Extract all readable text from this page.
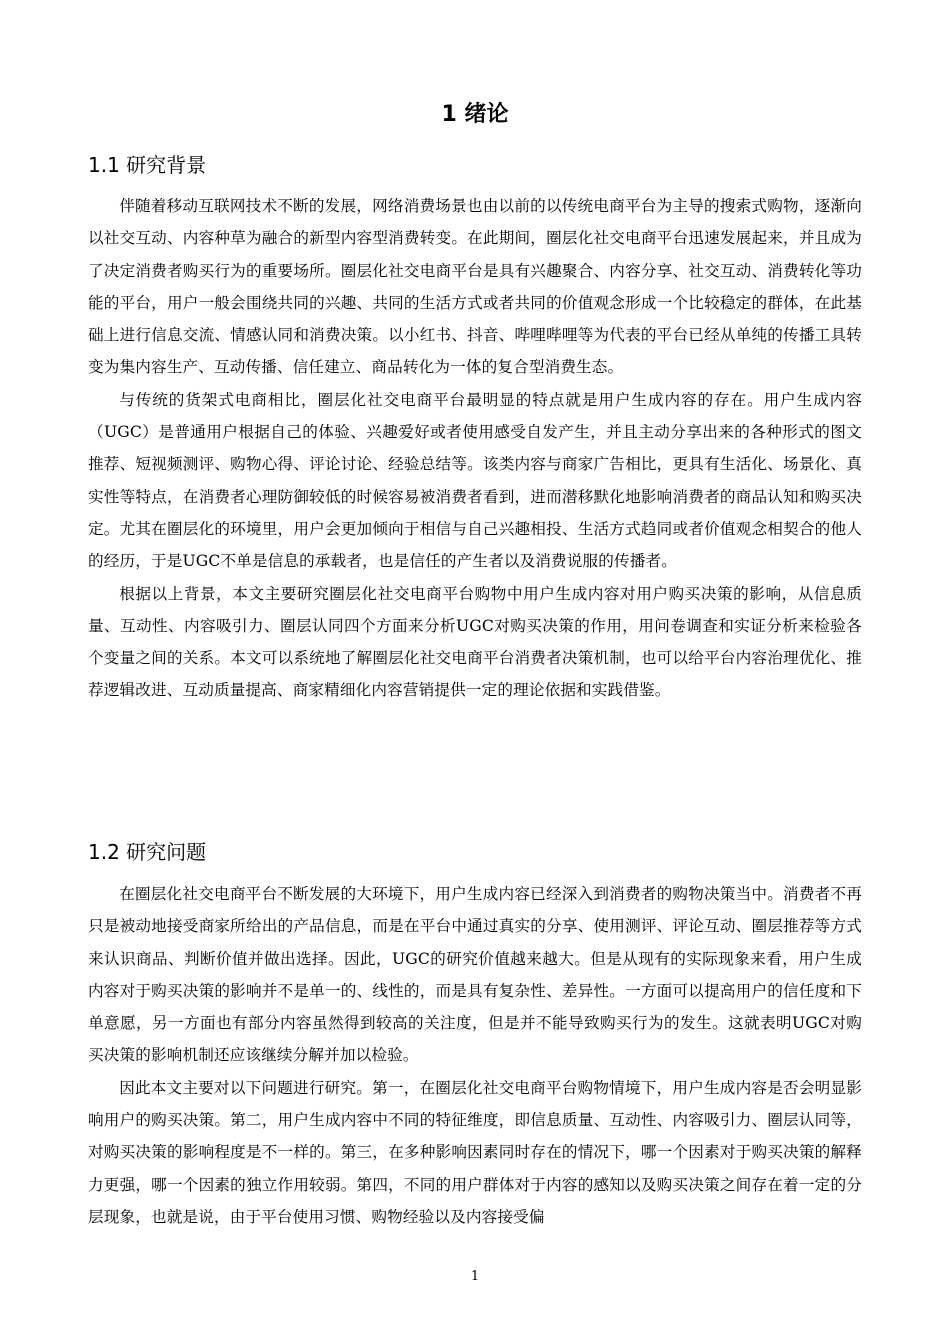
1 绪论
1.1 研究背景

伴随着移动互联网技术不断的发展，网络消费场景也由以前的以传统电商平台为主导的搜索式购物，逐渐向以社交互动、内容种草为融合的新型内容型消费转变。在此期间，圈层化社交电商平台迅速发展起来，并且成为了决定消费者购买行为的重要场所。圈层化社交电商平台是具有兴趣聚合、内容分享、社交互动、消费转化等功能的平台，用户一般会围绕共同的兴趣、共同的生活方式或者共同的价值观念形成一个比较稳定的群体，在此基础上进行信息交流、情感认同和消费决策。以小红书、抖音、哔哩哔哩等为代表的平台已经从单纯的传播工具转变为集内容生产、互动传播、信任建立、商品转化为一体的复合型消费生态。

与传统的货架式电商相比，圈层化社交电商平台最明显的特点就是用户生成内容的存在。用户生成内容（UGC）是普通用户根据自己的体验、兴趣爱好或者使用感受自发产生，并且主动分享出来的各种形式的图文推荐、短视频测评、购物心得、评论讨论、经验总结等。该类内容与商家广告相比，更具有生活化、场景化、真实性等特点，在消费者心理防御较低的时候容易被消费者看到，进而潜移默化地影响消费者的商品认知和购买决定。尤其在圈层化的环境里，用户会更加倾向于相信与自己兴趣相投、生活方式趋同或者价值观念相契合的他人的经历，于是UGC不单是信息的承载者，也是信任的产生者以及消费说服的传播者。

根据以上背景，本文主要研究圈层化社交电商平台购物中用户生成内容对用户购买决策的影响，从信息质量、互动性、内容吸引力、圈层认同四个方面来分析UGC对购买决策的作用，用问卷调查和实证分析来检验各个变量之间的关系。本文可以系统地了解圈层化社交电商平台消费者决策机制，也可以给平台内容治理优化、推荐逻辑改进、互动质量提高、商家精细化内容营销提供一定的理论依据和实践借鉴。

1.2 研究问题

在圈层化社交电商平台不断发展的大环境下，用户生成内容已经深入到消费者的购物决策当中。消费者不再只是被动地接受商家所给出的产品信息，而是在平台中通过真实的分享、使用测评、评论互动、圈层推荐等方式来认识商品、判断价值并做出选择。因此，UGC的研究价值越来越大。但是从现有的实际现象来看，用户生成内容对于购买决策的影响并不是单一的、线性的，而是具有复杂性、差异性。一方面可以提高用户的信任度和下单意愿，另一方面也有部分内容虽然得到较高的关注度，但是并不能导致购买行为的发生。这就表明UGC对购买决策的影响机制还应该继续分解并加以检验。

因此本文主要对以下问题进行研究。第一，在圈层化社交电商平台购物情境下，用户生成内容是否会明显影响用户的购买决策。第二，用户生成内容中不同的特征维度，即信息质量、互动性、内容吸引力、圈层认同等，对购买决策的影响程度是不一样的。第三，在多种影响因素同时存在的情况下，哪一个因素对于购买决策的解释力更强，哪一个因素的独立作用较弱。第四，不同的用户群体对于内容的感知以及购买决策之间存在着一定的分层现象，也就是说，由于平台使用习惯、购物经验以及内容接受偏

1
